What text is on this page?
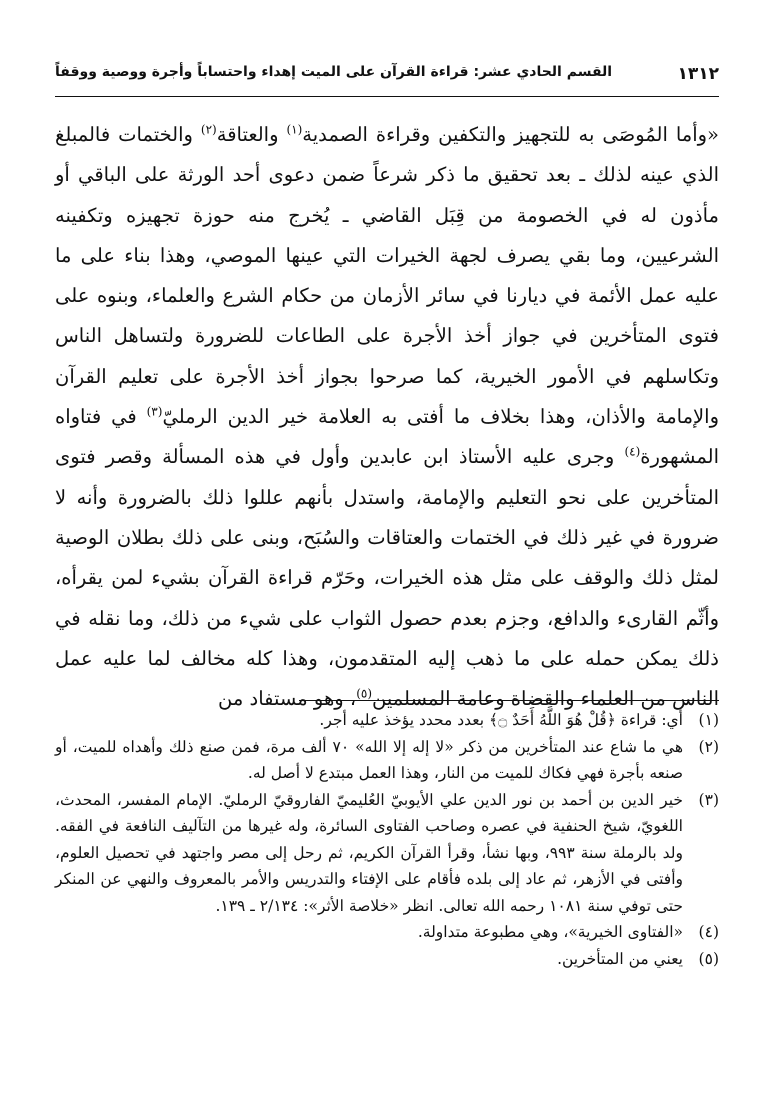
١٣١٢
القسم الحادي عشر: قراءة القرآن على الميت إهداء واحتساباً وأجرة ووصية ووقفاً
«وأما المُوصَى به للتجهيز والتكفين وقراءة الصمدية$^{(١)}$ والعتاقة$^{(٢)}$ والختمات فالمبلغ الذي عينه لذلك ـ بعد تحقيق ما ذكر شرعاً ضمن دعوى أحد الورثة على الباقي أو مأذون له في الخصومة من قِبَل القاضي ـ يُخرج منه حوزة تجهيزه وتكفينه الشرعيين، وما بقي يصرف لجهة الخيرات التي عينها الموصي، وهذا بناء على ما عليه عمل الأئمة في ديارنا في سائر الأزمان من حكام الشرع والعلماء، وبنوه على فتوى المتأخرين في جواز أخذ الأجرة على الطاعات للضرورة ولتساهل الناس وتكاسلهم في الأمور الخيرية، كما صرحوا بجواز أخذ الأجرة على تعليم القرآن والإمامة والأذان، وهذا بخلاف ما أفتى به العلامة خير الدين الرمليّ$^{(٣)}$ في فتاواه المشهورة$^{(٤)}$ وجرى عليه الأستاذ ابن عابدين وأول في هذه المسألة وقصر فتوى المتأخرين على نحو التعليم والإمامة، واستدل بأنهم عللوا ذلك بالضرورة وأنه لا ضرورة في غير ذلك في الختمات والعتاقات والسُبَح، وبنى على ذلك بطلان الوصية لمثل ذلك والوقف على مثل هذه الخيرات، وحَرّم قراءة القرآن بشيء لمن يقرأه، وأثّم القارىء والدافع، وجزم بعدم حصول الثواب على شيء من ذلك، وما نقله في ذلك يمكن حمله على ما ذهب إليه المتقدمون، وهذا كله مخالف لما عليه عمل الناس من العلماء والقضاة وعامة المسلمين$^{(٥)}$، وهو مستفاد من
(١)
أي: قراءة ﴿قُلْ هُوَ اللَّهُ أَحَدٌ ۝﴾ بعدد محدد يؤخذ عليه أجر.
(٢)
هي ما شاع عند المتأخرين من ذكر «لا إله إلا الله» ٧٠ ألف مرة، فمن صنع ذلك وأهداه للميت، أو صنعه بأجرة فهي فكاك للميت من النار، وهذا العمل مبتدع لا أصل له.
(٣)
خير الدين بن أحمد بن نور الدين علي الأيوبيّ العُليميّ الفاروقيّ الرمليّ. الإمام المفسر، المحدث، اللغويّ، شيخ الحنفية في عصره وصاحب الفتاوى السائرة، وله غيرها من التآليف النافعة في الفقه. ولد بالرملة سنة ٩٩٣، وبها نشأ، وقرأ القرآن الكريم، ثم رحل إلى مصر واجتهد في تحصيل العلوم، وأفتى في الأزهر، ثم عاد إلى بلده فأقام على الإفتاء والتدريس والأمر بالمعروف والنهي عن المنكر حتى توفي سنة ١٠٨١ رحمه الله تعالى. انظر «خلاصة الأثر»: ٢/١٣٤ ـ ١٣٩.
(٤)
«الفتاوى الخيرية»، وهي مطبوعة متداولة.
(٥)
يعني من المتأخرين.
